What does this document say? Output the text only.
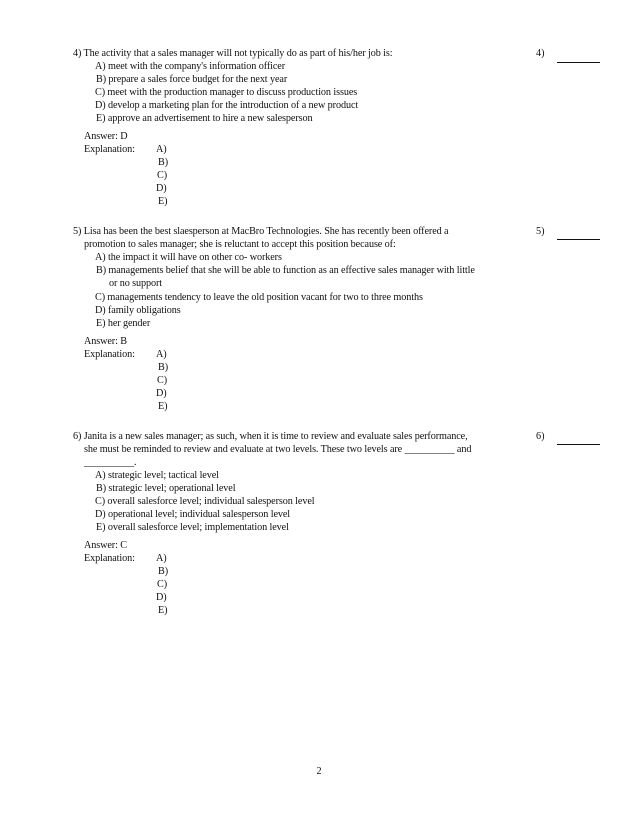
4) The activity that a sales manager will not typically do as part of his/her job is:	4)
A) meet with the company's information officer
B) prepare a sales force budget for the next year
C) meet with the production manager to discuss production issues
D) develop a marketing plan for the introduction of a new product
E) approve an advertisement to hire a new salesperson
Answer: D
Explanation: A)
B)
C)
D)
E)
5) Lisa has been the best slaesperson at MacBro Technologies. She has recently been offered a
promotion to sales manager; she is reluctant to accept this position because of:
5)
A) the impact it will have on other co- workers
B) managements belief that she will be able to function as an effective sales manager with little
or no support
C) managements tendency to leave the old position vacant for two to three months
D) family obligations
E) her gender
Answer: B
Explanation: A)
B)
C)
D)
E)
6) Janita is a new sales manager; as such, when it is time to review and evaluate sales performance,
she must be reminded to review and evaluate at two levels. These two levels are __________ and
__________.
6)
A) strategic level; tactical level
B) strategic level; operational level
C) overall salesforce level; individual salesperson level
D) operational level; individual salesperson level
E) overall salesforce level; implementation level
Answer: C
Explanation: A)
B)
C)
D)
E)
2
